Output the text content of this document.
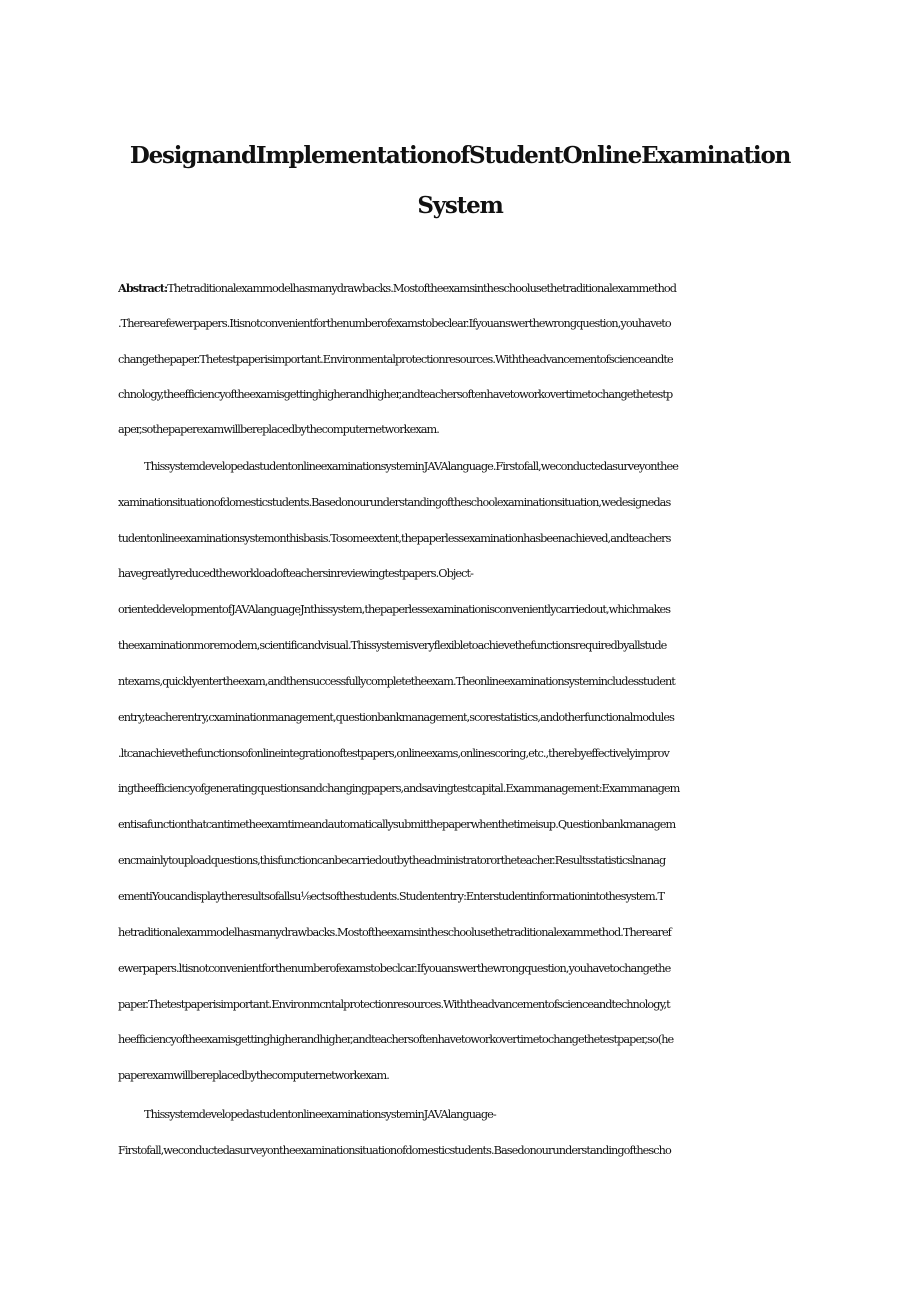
DesignandImplementationofStudentOnlineExamination
System
Abstract:Thetraditionalexammodelhasmanydrawbacks.Mostoftheexamsintheschoolusethetraditionalexammethod
.Therearefewerpapers.Itisnotconvenientforthenumberofexamstobeclear.Ifyouanswerthewrongquestion,youhaveto
changethepaper.Thetestpaperisimportant.Environmentalprotectionresources.Withtheadvancementofscienceandte
chnology,theefficiencyoftheexamisgettinghigherandhigher,andteachersoftenhavetoworkovertimetochangethetestp
aper,sothepaperexamwillbereplacedbythecomputernetworkexam.
ThissystemdevelopedastudentonlineexaminationsysteminJAVAlanguage.Firstofall,weconductedasurveyonthee
xaminationsituationofdomesticstudents.Basedonourunderstandingoftheschoolexaminationsituation,wedesignedas
tudentonlineexaminationsystemonthisbasis.Tosomeextent,thepaperlessexaminationhasbeenachieved,andteachers
havegreatlyreducedtheworkloadofteachersinreviewingtestpapers.Object-
orienteddevelopmentofJAVAlanguageJnthissystem,thepaperlessexaminationisconvenientlycarriedout,whichmakes
theexaminationmoremodem,scientificandvisual.Thissystemisveryflexibletoachievethefunctionsrequiredbyallstude
ntexams,quicklyentertheexam,andthensuccessfullycompletetheexam.Theonlineexaminationsystemincludesstudent
entry,teacherentry,cxaminationmanagement,questionbankmanagement,scorestatistics,andotherfunctionalmodules
.ltcanachievethefunctionsofonlineintegrationoftestpapers,onlineexams,onlinescoring,etc.,therebyeffectivelyimprov
ingtheefficiencyofgeneratingquestionsandchangingpapers,andsavingtestcapital.Exammanagement:Exammanagem
entisafunctionthatcantimetheexamtimeandautomaticallysubmitthepaperwhenthetimeisup.Questionbankmanagem
encmainlytouploadquestions,thisfunctioncanbecarriedoutbytheadministratorortheteacher.Resultsstatisticslnanag
ementiYoucandisplaytheresultsofallsu⅛ectsofthestudents.Studententry:Enterstudentinformationintothesystem.T
hetraditionalexammodelhasmanydrawbacks.Mostoftheexamsintheschoolusethetraditionalexammethod.Therearef
ewerpapers.ltisnotconvenientforthenumberofexamstobeclcar.Ifyouanswerthewrongquestion,youhavetochangethe
paper.Thetestpaperisimportant.Environmcntalprotectionresources.Withtheadvancementofscienceandtechnology,t
heefficiencyoftheexamisgettinghigherandhigher,andteachersoftenhavetoworkovertimetochangethetestpaper,so(he
paperexamwillbereplacedbythecomputernetworkexam.
ThissystemdevelopedastudentonlineexaminationsysteminJAVAlanguage-
Firstofall,weconductedasurveyontheexaminationsituationofdomesticstudents.Basedonourunderstandingofthescho
